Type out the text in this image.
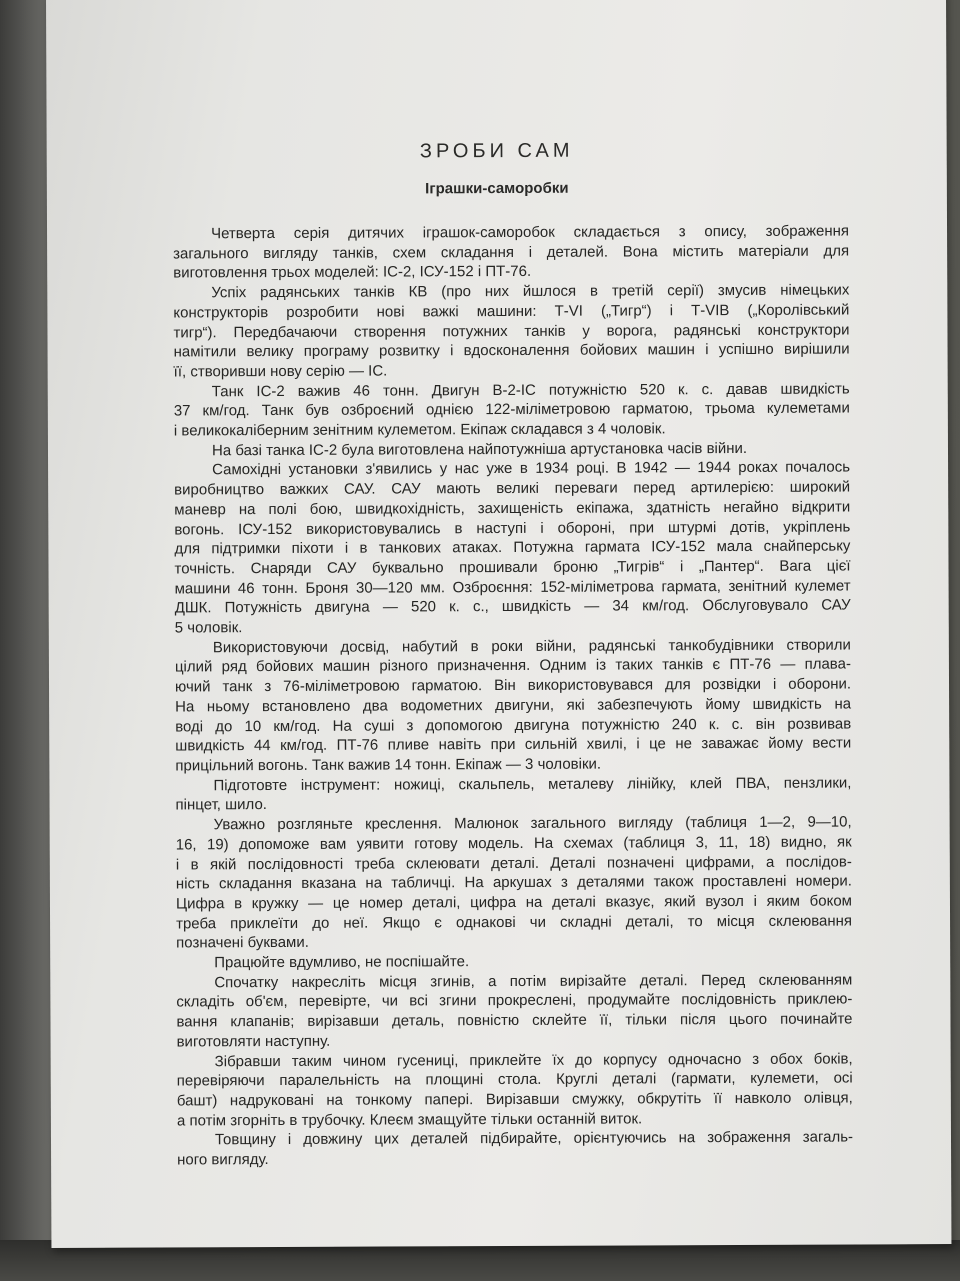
ЗРОБИ САМ
Іграшки-саморобки
Четверта серія дитячих іграшок-саморобок складається з опису, зображення
загального вигляду танків, схем складання і деталей. Вона містить матеріали для
виготовлення трьох моделей: ІС-2, ІСУ-152 і ПТ-76.
Успіх радянських танків КВ (про них йшлося в третій серії) змусив німецьких
конструкторів розробити нові важкі машини: Т-VI („Тигр“) і Т-VIB („Королівський
тигр“). Передбачаючи створення потужних танків у ворога, радянські конструктори
намітили велику програму розвитку і вдосконалення бойових машин і успішно вирішили
її, створивши нову серію — ІС.
Танк ІС-2 важив 46 тонн. Двигун В-2-ІС потужністю 520 к. с. давав швидкість
37 км/год. Танк був озброєний однією 122-міліметровою гарматою, трьома кулеметами
і великокаліберним зенітним кулеметом. Екіпаж складався з 4 чоловік.
На базі танка ІС-2 була виготовлена найпотужніша артустановка часів війни.
Самохідні установки з'явились у нас уже в 1934 році. В 1942 — 1944 роках почалось
виробництво важких САУ. САУ мають великі переваги перед артилерією: широкий
маневр на полі бою, швидкохідність, захищеність екіпажа, здатність негайно відкрити
вогонь. ІСУ-152 використовувались в наступі і обороні, при штурмі дотів, укріплень
для підтримки піхоти і в танкових атаках. Потужна гармата ІСУ-152 мала снайперську
точність. Снаряди САУ буквально прошивали броню „Тигрів“ і „Пантер“. Вага цієї
машини 46 тонн. Броня 30—120 мм. Озброєння: 152-міліметрова гармата, зенітний кулемет
ДШК. Потужність двигуна — 520 к. с., швидкість — 34 км/год. Обслуговувало САУ
5 чоловік.
Використовуючи досвід, набутий в роки війни, радянські танкобудівники створили
цілий ряд бойових машин різного призначення. Одним із таких танків є ПТ-76 — плава-
ючий танк з 76-міліметровою гарматою. Він використовувався для розвідки і оборони.
На ньому встановлено два водометних двигуни, які забезпечують йому швидкість на
воді до 10 км/год. На суші з допомогою двигуна потужністю 240 к. с. він розвивав
швидкість 44 км/год. ПТ-76 пливе навіть при сильній хвилі, і це не заважає йому вести
прицільний вогонь. Танк важив 14 тонн. Екіпаж — 3 чоловіки.
Підготовте інструмент: ножиці, скальпель, металеву лінійку, клей ПВА, пензлики,
пінцет, шило.
Уважно розгляньте креслення. Малюнок загального вигляду (таблиця 1—2, 9—10,
16, 19) допоможе вам уявити готову модель. На схемах (таблиця 3, 11, 18) видно, як
і в якій послідовності треба склеювати деталі. Деталі позначені цифрами, а послідов-
ність складання вказана на табличці. На аркушах з деталями також проставлені номери.
Цифра в кружку — це номер деталі, цифра на деталі вказує, який вузол і яким боком
треба приклеїти до неї. Якщо є однакові чи складні деталі, то місця склеювання
позначені буквами.
Працюйте вдумливо, не поспішайте.
Спочатку накресліть місця згинів, а потім вирізайте деталі. Перед склеюванням
складіть об'єм, перевірте, чи всі згини прокреслені, продумайте послідовність приклею-
вання клапанів; вирізавши деталь, повністю склейте її, тільки після цього починайте
виготовляти наступну.
Зібравши таким чином гусениці, приклейте їх до корпусу одночасно з обох боків,
перевіряючи паралельність на площині стола. Круглі деталі (гармати, кулемети, осі
башт) надруковані на тонкому папері. Вирізавши смужку, обкрутіть її навколо олівця,
а потім згорніть в трубочку. Клеєм змащуйте тільки останній виток.
Товщину і довжину цих деталей підбирайте, орієнтуючись на зображення загаль-
ного вигляду.
